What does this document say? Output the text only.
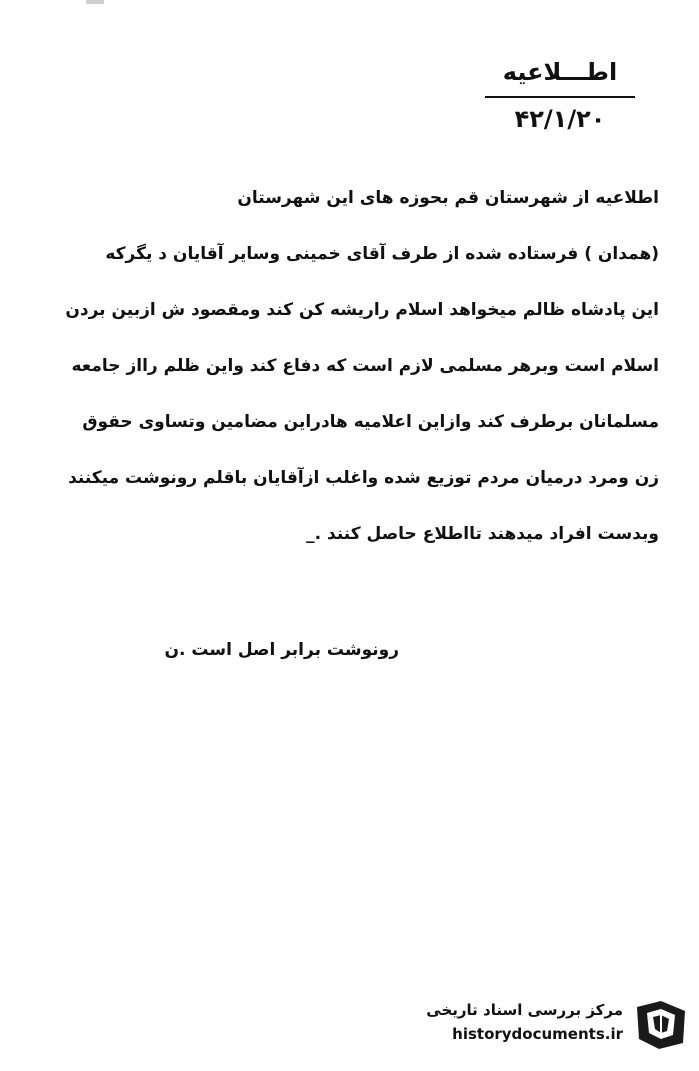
اطـــلاعيه
۴۲/۱/۲۰
اطلاعيه از شهرستان قم بحوزه هاى اين شهرستان
(همدان ) فرستاده شده از طرف آقاى خمينى وساير آقايان د يگركه
اين پادشاه ظالم ميخواهد اسلام راريشه كن كند ومقصود ش ازبين بردن
اسلام است وبرهر مسلمى لازم است كه دفاع كند واين ظلم رااز جامعه
مسلمانان برطرف كند وازاين اعلاميه هادراين مضامين وتساوى حقوق
زن ومرد درميان مردم توزيع شده واغلب ازآقايان باقلم رونوشت ميكنند
وبدست افراد ميدهند تااطلاع حاصل كنند ._
رونوشت برابر اصل است .ن
مركز بررسى اسناد تاريخى
historydocuments.ir
